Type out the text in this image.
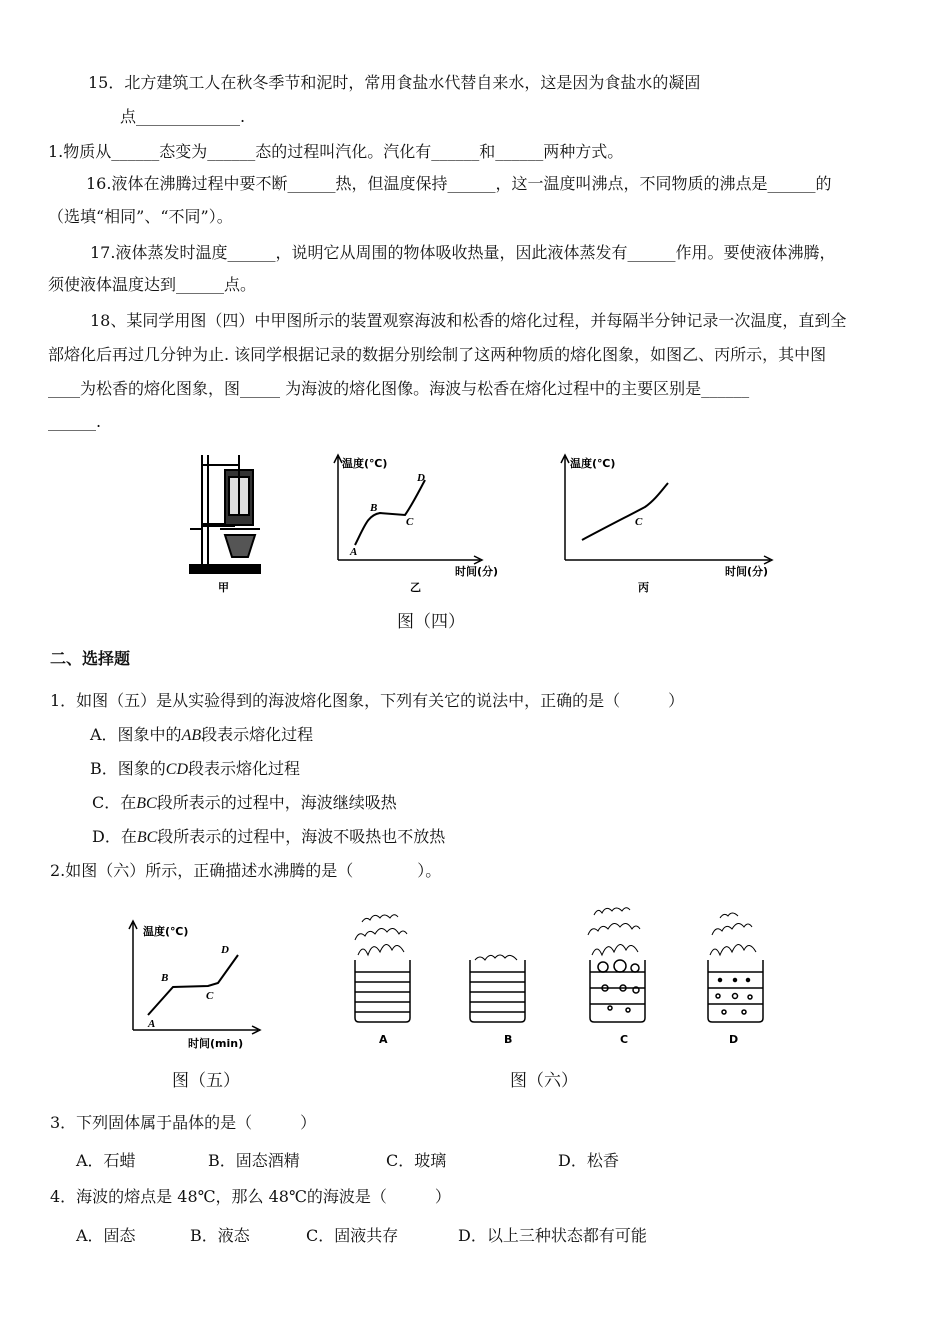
15．北方建筑工人在秋冬季节和泥时，常用食盐水代替自来水，这是因为食盐水的凝固
点_____________.
1.物质从______态变为______态的过程叫汽化。汽化有______和______两种方式。
16.液体在沸腾过程中要不断______热，但温度保持______，这一温度叫沸点，不同物质的沸点是______的
（选填“相同”、“不同”）。
17.液体蒸发时温度______，说明它从周围的物体吸收热量，因此液体蒸发有______作用。要使液体沸腾，
须使液体温度达到______点。
18、某同学用图（四）中甲图所示的装置观察海波和松香的熔化过程，并每隔半分钟记录一次温度，直到全
部熔化后再过几分钟为止. 该同学根据记录的数据分别绘制了这两种物质的熔化图象，如图乙、丙所示，其中图
____为松香的熔化图象，图_____ 为海波的熔化图像。海波与松香在熔化过程中的主要区别是______
______.
甲
温度(℃)
时间(分)
A
B
C
D
乙
温度(℃)
时间(分)
C
丙
图（四）
二、选择题
1．如图（五）是从实验得到的海波熔化图象，下列有关它的说法中，正确的是（　　　）
A．图象中的AB段表示熔化过程
B．图象的CD段表示熔化过程
C．在BC段所表示的过程中，海波继续吸热
D．在BC段所表示的过程中，海波不吸热也不放热
2.如图（六）所示，正确描述水沸腾的是（　　　　）。
温度(℃)
时间(min)
A
B
C
D
图（五）
A	B	C	D
图（六）
3．下列固体属于晶体的是（　　　）
A．石蜡	B．固态酒精	C．玻璃	D．松香
4．海波的熔点是 48℃，那么 48℃的海波是（　　　）
A．固态	B．液态	C．固液共存	D．以上三种状态都有可能
